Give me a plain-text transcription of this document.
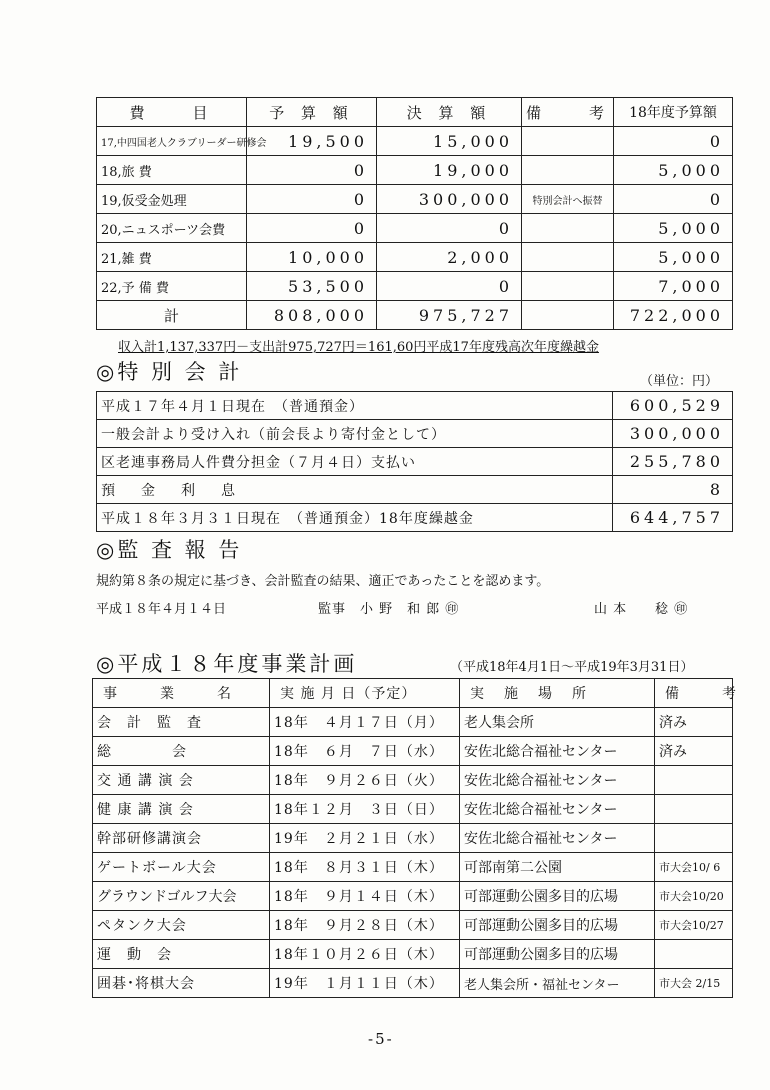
費　　目	予 算 額	決 算 額	備　　考	18年度予算額
17,中四国老人クラブリーダー研修会	19,500	15,000		0
18,旅 費	0	19,000		5,000
19,仮受金処理	0	300,000	特別会計へ振替	0
20,ニュスポーツ会費	0	0		5,000
21,雑 費	10,000	2,000		5,000
22,予 備 費	53,500	0		7,000
計	808,000	975,727		722,000
収入計1,137,337円－支出計975,727円＝161,60円平成17年度残高次年度繰越金
◎特 別 会 計	（単位：円）
平成１７年４月１日現在　（普通預金）	600,529
一般会計より受け入れ（前会長より寄付金として）	300,000
区老連事務局人件費分担金（７月４日）支払い	255,780
預　金　利　息	8
平成１８年３月３１日現在　（普通預金）18年度繰越金	644,757
◎監 査 報 告
規約第８条の規定に基づき、会計監査の結果、適正であったことを認めます。
平成１８年４月１４日	監事　小 野　和 郎 ㊞	山 本　　稔 ㊞
◎平成１８年度事業計画	（平成18年4月1日～平成19年3月31日）
事　　業　　名	実 施 月 日（予定）	実　施　場　所	備　　考
会　計　監　査	18年　４月１７日（月）	老人集会所	済み
総　　　　会	18年　６月　７日（水）	安佐北総合福祉センター	済み
交 通 講 演 会	18年　９月２６日（火）	安佐北総合福祉センター	
健 康 講 演 会	18年１２月　３日（日）	安佐北総合福祉センター	
幹部研修講演会	19年　２月２１日（水）	安佐北総合福祉センター	
ゲートボール大会	18年　８月３１日（木）	可部南第二公園	市大会10/ 6
グラウンドゴルフ大会	18年　９月１４日（木）	可部運動公園多目的広場	市大会10/20
ペタンク大会	18年　９月２８日（木）	可部運動公園多目的広場	市大会10/27
運　動　会	18年１０月２６日（木）	可部運動公園多目的広場	
囲碁･将棋大会	19年　１月１１日（木）	老人集会所・福祉センター	市大会 2/15
-5-
